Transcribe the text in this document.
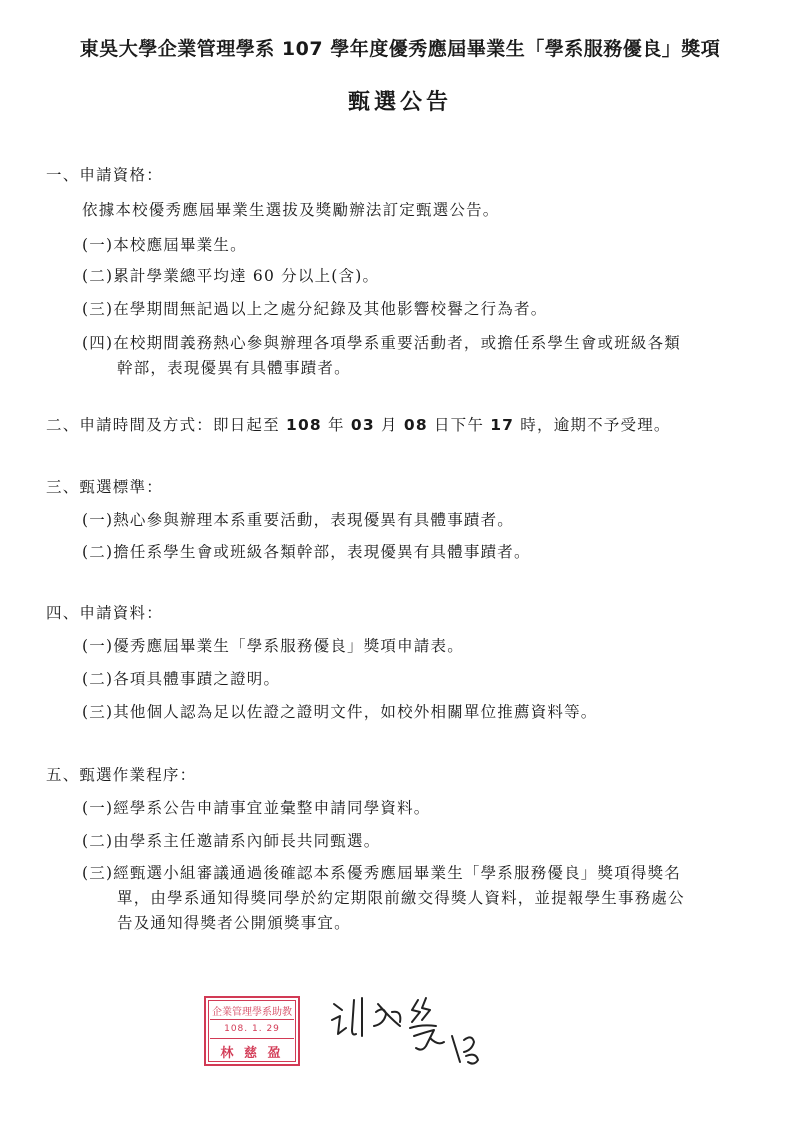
東吳大學企業管理學系 107 學年度優秀應屆畢業生「學系服務優良」獎項
甄選公告
一、申請資格：
依據本校優秀應屆畢業生選拔及獎勵辦法訂定甄選公告。
(一)本校應屆畢業生。
(二)累計學業總平均達 60 分以上(含)。
(三)在學期間無記過以上之處分紀錄及其他影響校譽之行為者。
(四)在校期間義務熱心參與辦理各項學系重要活動者，或擔任系學生會或班級各類
幹部，表現優異有具體事蹟者。
二、申請時間及方式：即日起至 108 年 03 月 08 日下午 17 時，逾期不予受理。
三、甄選標準：
(一)熱心參與辦理本系重要活動，表現優異有具體事蹟者。
(二)擔任系學生會或班級各類幹部，表現優異有具體事蹟者。
四、申請資料：
(一)優秀應屆畢業生「學系服務優良」獎項申請表。
(二)各項具體事蹟之證明。
(三)其他個人認為足以佐證之證明文件，如校外相關單位推薦資料等。
五、甄選作業程序：
(一)經學系公告申請事宜並彙整申請同學資料。
(二)由學系主任邀請系內師長共同甄選。
(三)經甄選小組審議通過後確認本系優秀應屆畢業生「學系服務優良」獎項得獎名
單，由學系通知得獎同學於約定期限前繳交得獎人資料，並提報學生事務處公
告及通知得獎者公開頒獎事宜。
企業管理學系助教
108. 1. 29
林 慈 盈
